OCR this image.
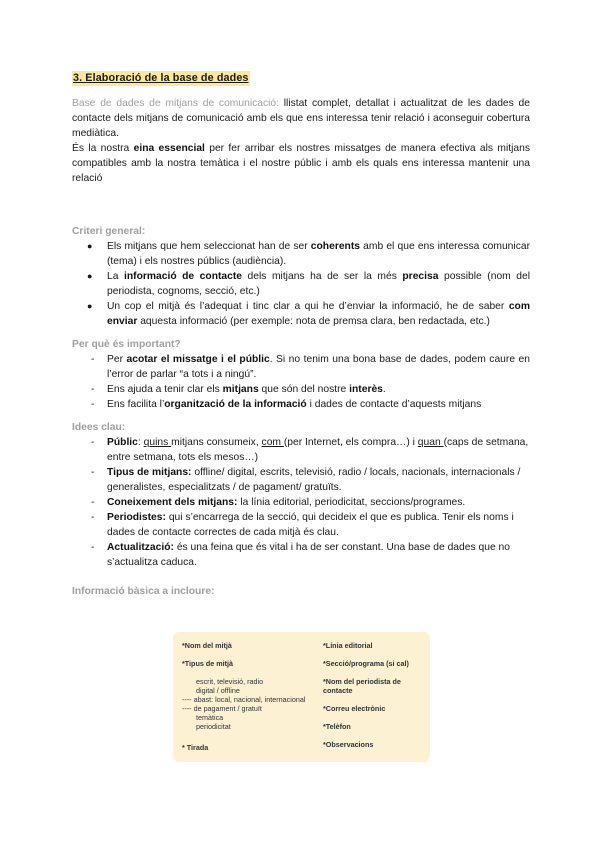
3. Elaboració de la base de dades

Base de dades de mitjans de comunicació: llistat complet, detallat i actualitzat de les dades de contacte dels mitjans de comunicació amb els que ens interessa tenir relació i aconseguir cobertura mediàtica.

És la nostra eina essencial per fer arribar els nostres missatges de manera efectiva als mitjans compatibles amb la nostra temàtica i el nostre públic i amb els quals ens interessa mantenir una relació

Criteri general:

● Els mitjans que hem seleccionat han de ser coherents amb el que ens interessa comunicar (tema) i els nostres públics (audiència).
● La informació de contacte dels mitjans ha de ser la més precisa possible (nom del periodista, cognoms, secció, etc.)
● Un cop el mitjà és l’adequat i tinc clar a qui he d’enviar la informació, he de saber com enviar aquesta informació (per exemple: nota de premsa clara, ben redactada, etc.)

Per què és important?

- Per acotar el missatge i el públic. Si no tenim una bona base de dades, podem caure en l’error de parlar “a tots i a ningú”.
- Ens ajuda a tenir clar els mitjans que són del nostre interès.
- Ens facilita l’organització de la informació i dades de contacte d’aquests mitjans

Idees clau:

- Públic: quins mitjans consumeix, com (per Internet, els compra…) i quan (caps de setmana, entre setmana, tots els mesos…)
- Tipus de mitjans: offline/ digital, escrits, televisió, radio / locals, nacionals, internacionals / generalistes, especialitzats / de pagament/ gratuïts.
- Coneixement dels mitjans: la línia editorial, periodicitat, seccions/programes.
- Periodistes: qui s’encarrega de la secció, qui decideix el que es publica. Tenir els noms i dades de contacte correctes de cada mitjà és clau.
- Actualització: és una feina que és vital i ha de ser constant. Una base de dades que no s’actualitza caduca.

Informació bàsica a incloure:

*Nom del mitjà

*Tipus de mitjà

escrit, televisió, radio

digital / offline

---- abast: local, nacional, internacional

---- de pagament / gratuït

temàtica

periodicitat

* Tirada

*Línia editorial

*Secció/programa (si cal)

*Nom del periodista de contacte

*Correu electrònic

*Telèfon

*Observacions
